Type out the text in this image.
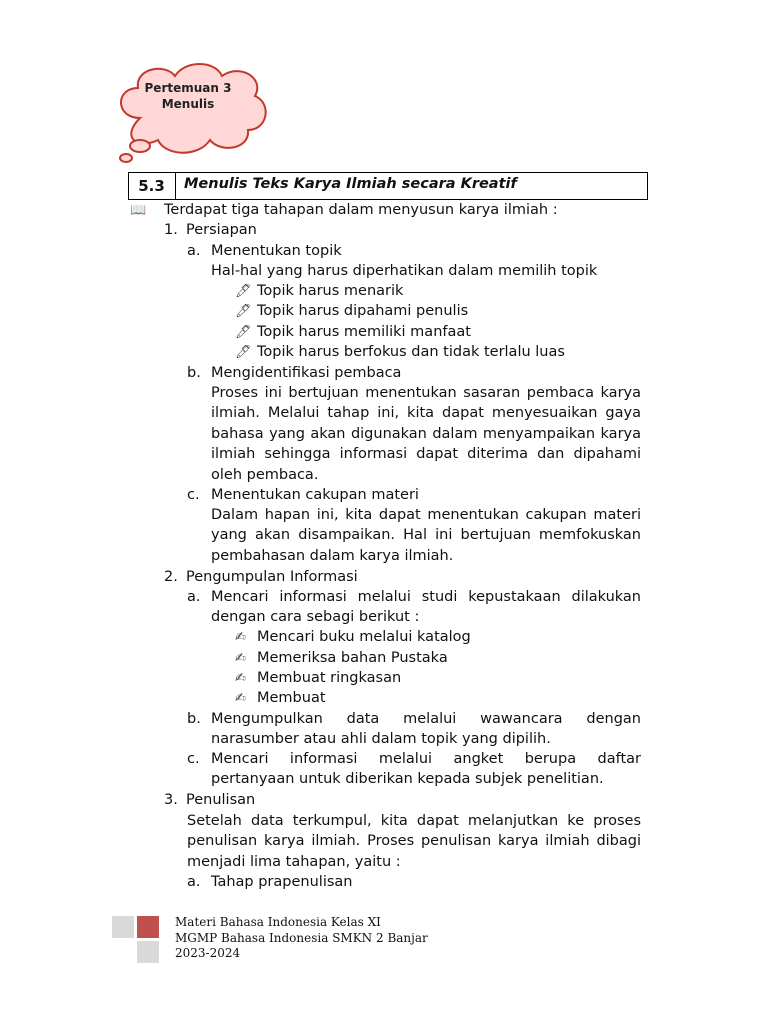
Pertemuan 3
Menulis
5.3	Menulis Teks Karya Ilmiah secara Kreatif
📖 Terdapat tiga tahapan dalam menyusun karya ilmiah :
1. Persiapan
a. Menentukan topik
Hal-hal yang harus diperhatikan dalam memilih topik
🖊 Topik harus menarik
🖊 Topik harus dipahami penulis
🖊 Topik harus memiliki manfaat
🖊 Topik harus berfokus dan tidak terlalu luas
b. Mengidentifikasi pembaca
Proses ini bertujuan menentukan sasaran pembaca karya ilmiah. Melalui tahap ini, kita dapat menyesuaikan gaya bahasa yang akan digunakan dalam menyampaikan karya ilmiah sehingga informasi dapat diterima dan dipahami oleh pembaca.
c. Menentukan cakupan materi
Dalam hapan ini, kita dapat menentukan cakupan materi yang akan disampaikan. Hal ini bertujuan memfokuskan pembahasan dalam karya ilmiah.
2. Pengumpulan Informasi
a. Mencari informasi melalui studi kepustakaan dilakukan dengan cara sebagi berikut :
✍ Mencari buku melalui katalog
✍ Memeriksa bahan Pustaka
✍ Membuat ringkasan
✍ Membuat
b. Mengumpulkan data melalui wawancara dengan narasumber atau ahli dalam topik yang dipilih.
c. Mencari informasi melalui angket berupa daftar pertanyaan untuk diberikan kepada subjek penelitian.
3. Penulisan
Setelah data terkumpul, kita dapat melanjutkan ke proses penulisan karya ilmiah. Proses penulisan karya ilmiah dibagi menjadi lima tahapan, yaitu :
a. Tahap prapenulisan
Materi Bahasa Indonesia Kelas XI
MGMP Bahasa Indonesia SMKN 2 Banjar
2023-2024
